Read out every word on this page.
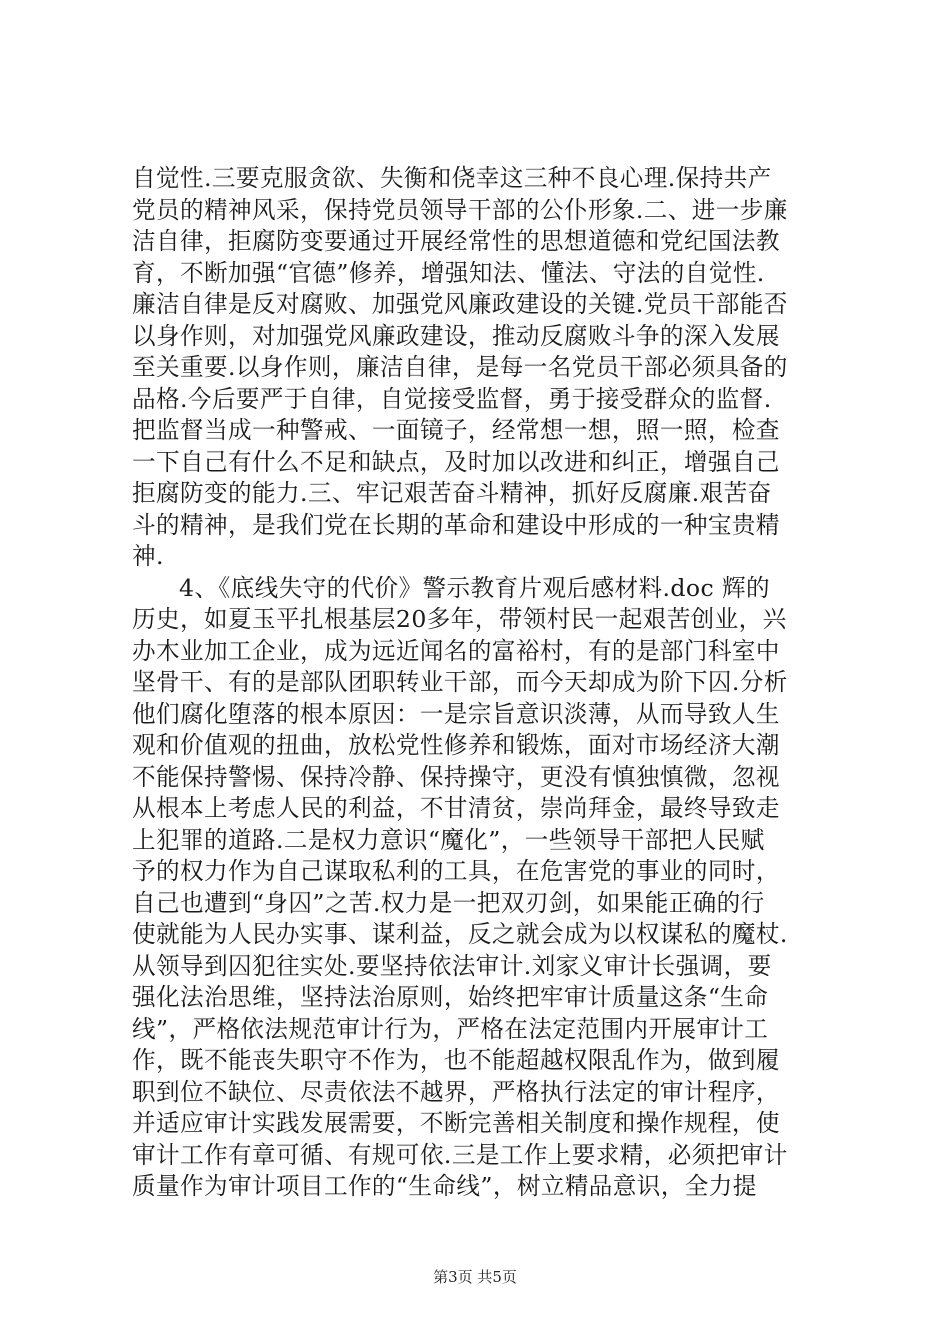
自觉性.三要克服贪欲、失衡和侥幸这三种不良心理.保持共产
党员的精神风采，保持党员领导干部的公仆形象.二、进一步廉
洁自律，拒腐防变要通过开展经常性的思想道德和党纪国法教
育，不断加强“官德”修养，增强知法、懂法、守法的自觉性.
廉洁自律是反对腐败、加强党风廉政建设的关键.党员干部能否
以身作则，对加强党风廉政建设，推动反腐败斗争的深入发展
至关重要.以身作则，廉洁自律，是每一名党员干部必须具备的
品格.今后要严于自律，自觉接受监督，勇于接受群众的监督.
把监督当成一种警戒、一面镜子，经常想一想，照一照，检查
一下自己有什么不足和缺点，及时加以改进和纠正，增强自己
拒腐防变的能力.三、牢记艰苦奋斗精神，抓好反腐廉.艰苦奋
斗的精神，是我们党在长期的革命和建设中形成的一种宝贵精
神.
4、《底线失守的代价》警示教育片观后感材料.doc 辉的
历史，如夏玉平扎根基层20多年，带领村民一起艰苦创业，兴
办木业加工企业，成为远近闻名的富裕村，有的是部门科室中
坚骨干、有的是部队团职转业干部，而今天却成为阶下囚.分析
他们腐化堕落的根本原因：一是宗旨意识淡薄，从而导致人生
观和价值观的扭曲，放松党性修养和锻炼，面对市场经济大潮
不能保持警惕、保持冷静、保持操守，更没有慎独慎微，忽视
从根本上考虑人民的利益，不甘清贫，崇尚拜金，最终导致走
上犯罪的道路.二是权力意识“魔化”，一些领导干部把人民赋
予的权力作为自己谋取私利的工具，在危害党的事业的同时，
自己也遭到“身囚”之苦.权力是一把双刃剑，如果能正确的行
使就能为人民办实事、谋利益，反之就会成为以权谋私的魔杖.
从领导到囚犯往实处.要坚持依法审计.刘家义审计长强调，要
强化法治思维，坚持法治原则，始终把牢审计质量这条“生命
线”，严格依法规范审计行为，严格在法定范围内开展审计工
作，既不能丧失职守不作为，也不能超越权限乱作为，做到履
职到位不缺位、尽责依法不越界，严格执行法定的审计程序，
并适应审计实践发展需要，不断完善相关制度和操作规程，使
审计工作有章可循、有规可依.三是工作上要求精，必须把审计
质量作为审计项目工作的“生命线”，树立精品意识，全力提
第3页 共5页
